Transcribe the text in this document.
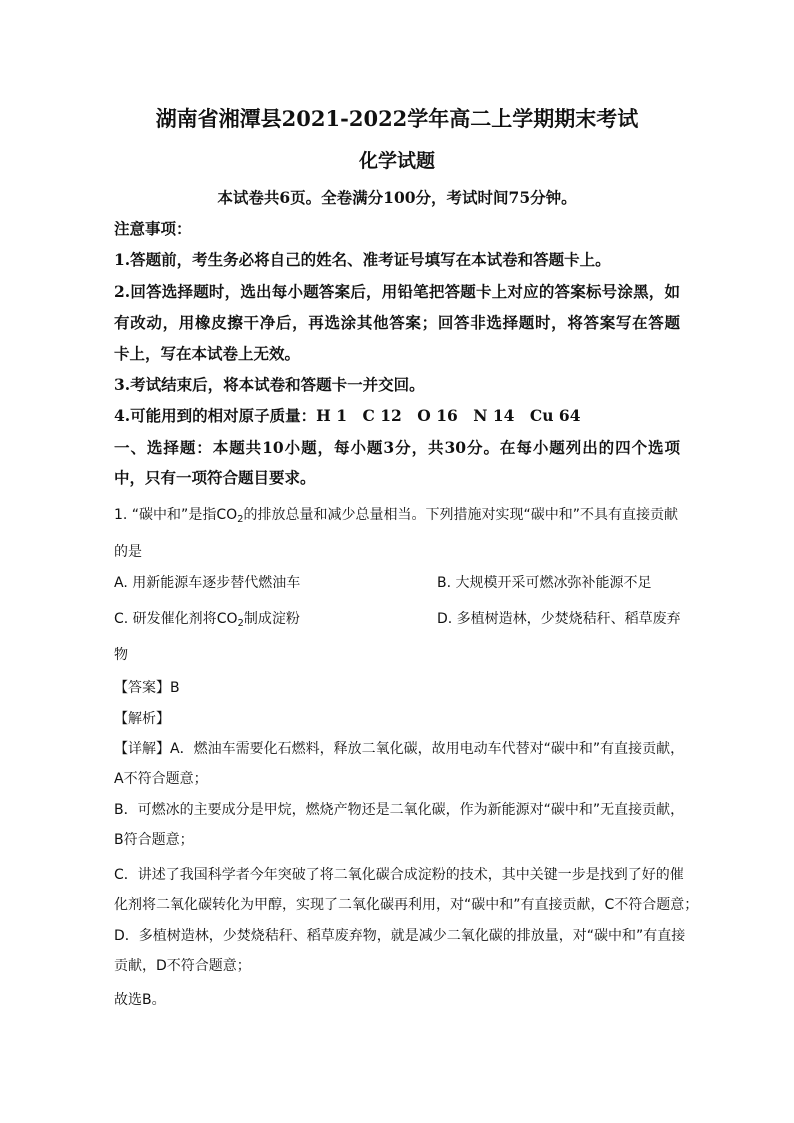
湖南省湘潭县2021-2022学年高二上学期期末考试
化学试题
本试卷共6页。全卷满分100分，考试时间75分钟。
注意事项：
1.答题前，考生务必将自己的姓名、准考证号填写在本试卷和答题卡上。
2.回答选择题时，选出每小题答案后，用铅笔把答题卡上对应的答案标号涂黑，如
有改动，用橡皮擦干净后，再选涂其他答案；回答非选择题时，将答案写在答题
卡上，写在本试卷上无效。
3.考试结束后，将本试卷和答题卡一并交回。
4.可能用到的相对原子质量：H 1　C 12　O 16　N 14　Cu 64
一、选择题：本题共10小题，每小题3分，共30分。在每小题列出的四个选项
中，只有一项符合题目要求。
1. “碳中和”是指$CO_2$的排放总量和减少总量相当。下列措施对实现“碳中和”不具有直接贡献
的是
A. 用新能源车逐步替代燃油车	B. 大规模开采可燃冰弥补能源不足
C. 研发催化剂将$CO_2$制成淀粉	D. 多植树造林，少焚烧秸秆、稻草废弃
物
【答案】B
【解析】
【详解】A．燃油车需要化石燃料，释放二氧化碳，故用电动车代替对“碳中和”有直接贡献，
A不符合题意；
B．可燃冰的主要成分是甲烷，燃烧产物还是二氧化碳，作为新能源对“碳中和”无直接贡献，
B符合题意；
C．讲述了我国科学者今年突破了将二氧化碳合成淀粉的技术，其中关键一步是找到了好的催
化剂将二氧化碳转化为甲醇，实现了二氧化碳再利用，对“碳中和”有直接贡献，C不符合题意；
D．多植树造林，少焚烧秸秆、稻草废弃物，就是减少二氧化碳的排放量，对“碳中和”有直接
贡献，D不符合题意；
故选B。
